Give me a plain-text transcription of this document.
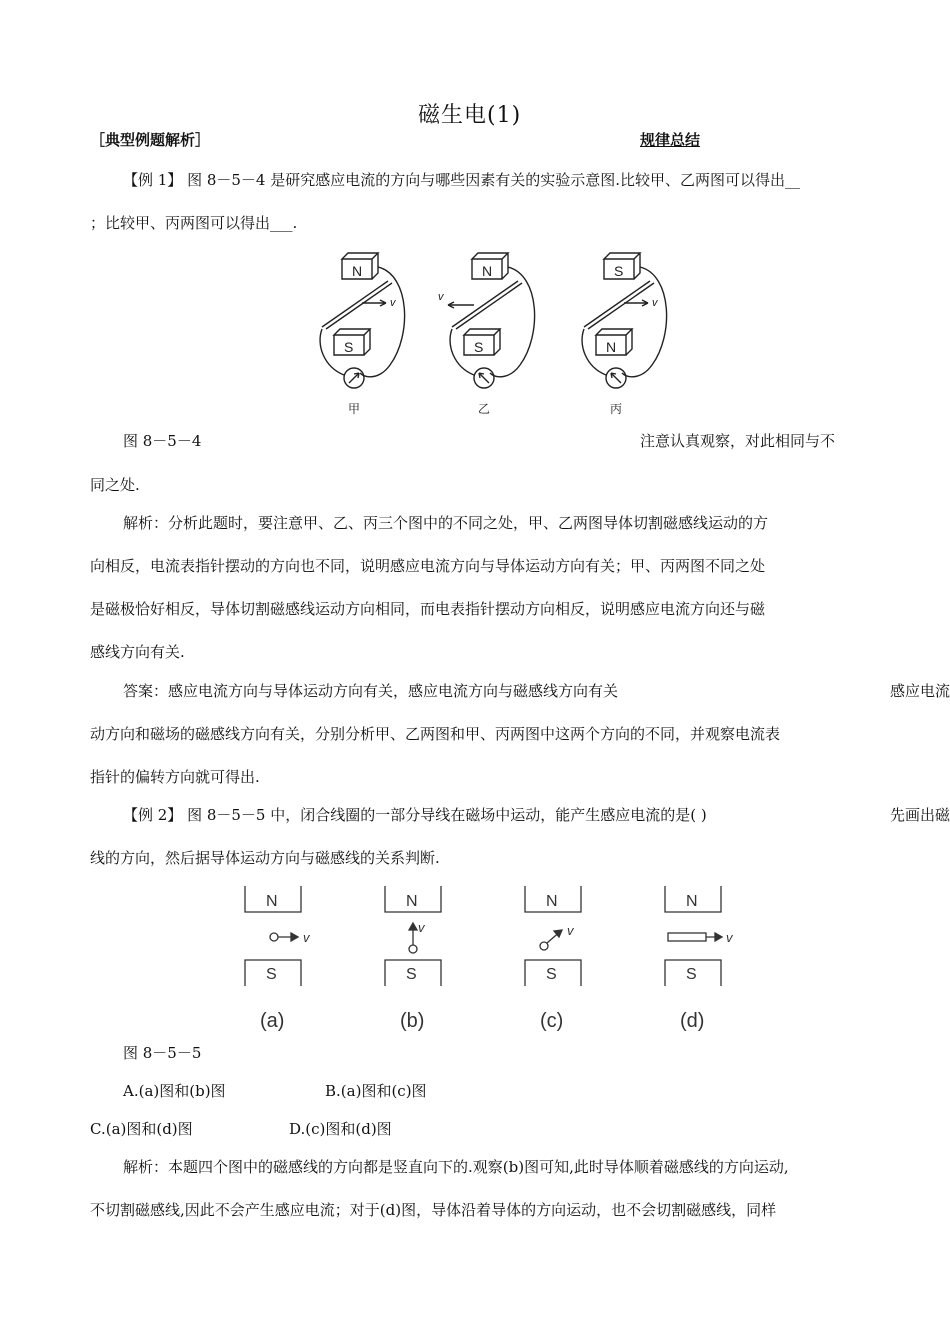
磁生电(1)
［典型例题解析］	规律总结
【例 1】 图 8－5－4 是研究感应电流的方向与哪些因素有关的实验示意图.比较甲、乙两图可以得出__
；比较甲、丙两图可以得出___.
N
S
v
甲
N
S
v
乙
S
N
v
丙
图 8－5－4	注意认真观察，对此相同与不
同之处.
解析：分析此题时，要注意甲、乙、丙三个图中的不同之处，甲、乙两图导体切割磁感线运动的方
向相反，电流表指针摆动的方向也不同，说明感应电流方向与导体运动方向有关；甲、丙两图不同之处
是磁极恰好相反，导体切割磁感线运动方向相同，而电表指针摆动方向相反，说明感应电流方向还与磁
感线方向有关.
答案：感应电流方向与导体运动方向有关，感应电流方向与磁感线方向有关	感应电流
动方向和磁场的磁感线方向有关，分别分析甲、乙两图和甲、丙两图中这两个方向的不同，并观察电流表
指针的偏转方向就可得出.
【例 2】 图 8－5－5 中，闭合线圈的一部分导线在磁场中运动，能产生感应电流的是( )	先画出磁
线的方向，然后据导体运动方向与磁感线的关系判断.
N
v
S
(a)
N
v
S
(b)
N
v
S
(c)
N
v
S
(d)
图 8－5－5
A.(a)图和(b)图	B.(a)图和(c)图
C.(a)图和(d)图	D.(c)图和(d)图
解析：本题四个图中的磁感线的方向都是竖直向下的.观察(b)图可知,此时导体顺着磁感线的方向运动,
不切割磁感线,因此不会产生感应电流；对于(d)图，导体沿着导体的方向运动，也不会切割磁感线，同样
